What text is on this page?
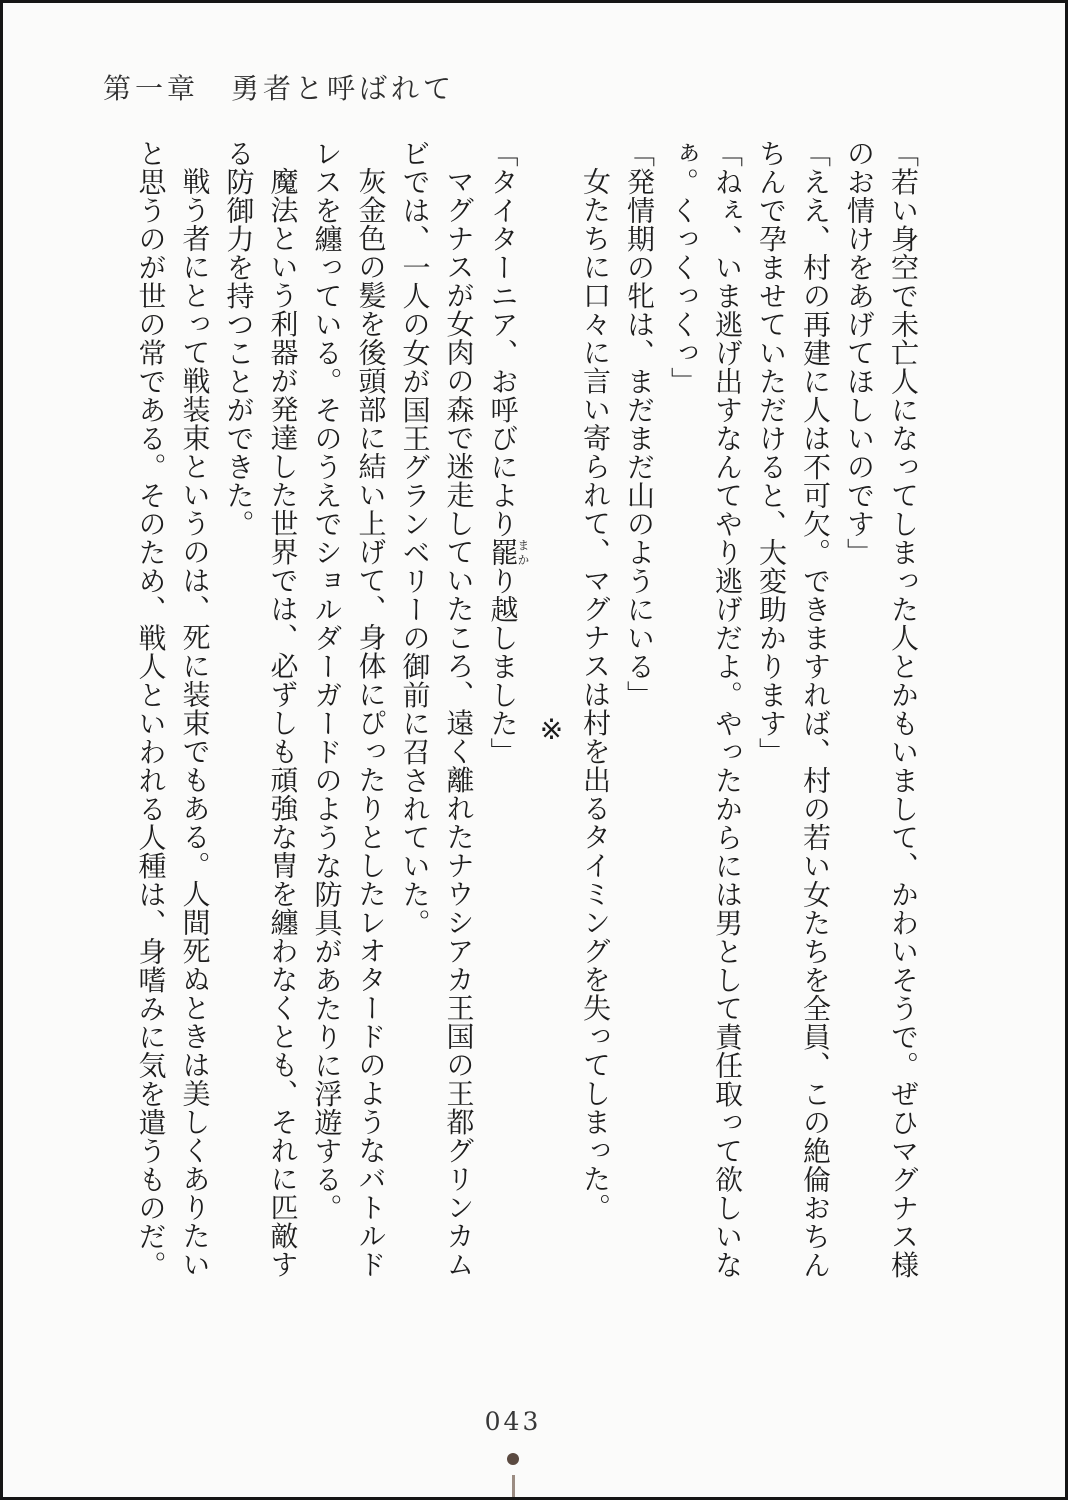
第一章　勇者と呼ばれて

「若い身空で未亡人になってしまった人とかもいまして、かわいそうで。ぜひマグナス様のお情けをあげてほしいのです」

「ええ、村の再建に人は不可欠。できますれば、村の若い女たちを全員、この絶倫おちんちんで孕ませていただけると、大変助かります」

「ねぇ、いま逃げ出すなんてやり逃げだよ。やったからには男として責任取って欲しいなぁ。くっくっくっ」

「発情期の牝は、まだまだ山のようにいる」

女たちに口々に言い寄られて、マグナスは村を出るタイミングを失ってしまった。

※

「タイターニア、お呼びにより罷まかり越しました」

マグナスが女肉の森で迷走していたころ、遠く離れたナウシアカ王国の王都グリンカムビでは、一人の女が国王グランベリーの御前に召されていた。

灰金色の髪を後頭部に結い上げて、身体にぴったりとしたレオタードのようなバトルドレスを纏っている。そのうえでショルダーガードのような防具があたりに浮遊する。

魔法という利器が発達した世界では、必ずしも頑強な冑を纏わなくとも、それに匹敵する防御力を持つことができた。

戦う者にとって戦装束というのは、死に装束でもある。人間死ぬときは美しくありたいと思うのが世の常である。そのため、戦人といわれる人種は、身嗜みに気を遣うものだ。

043
